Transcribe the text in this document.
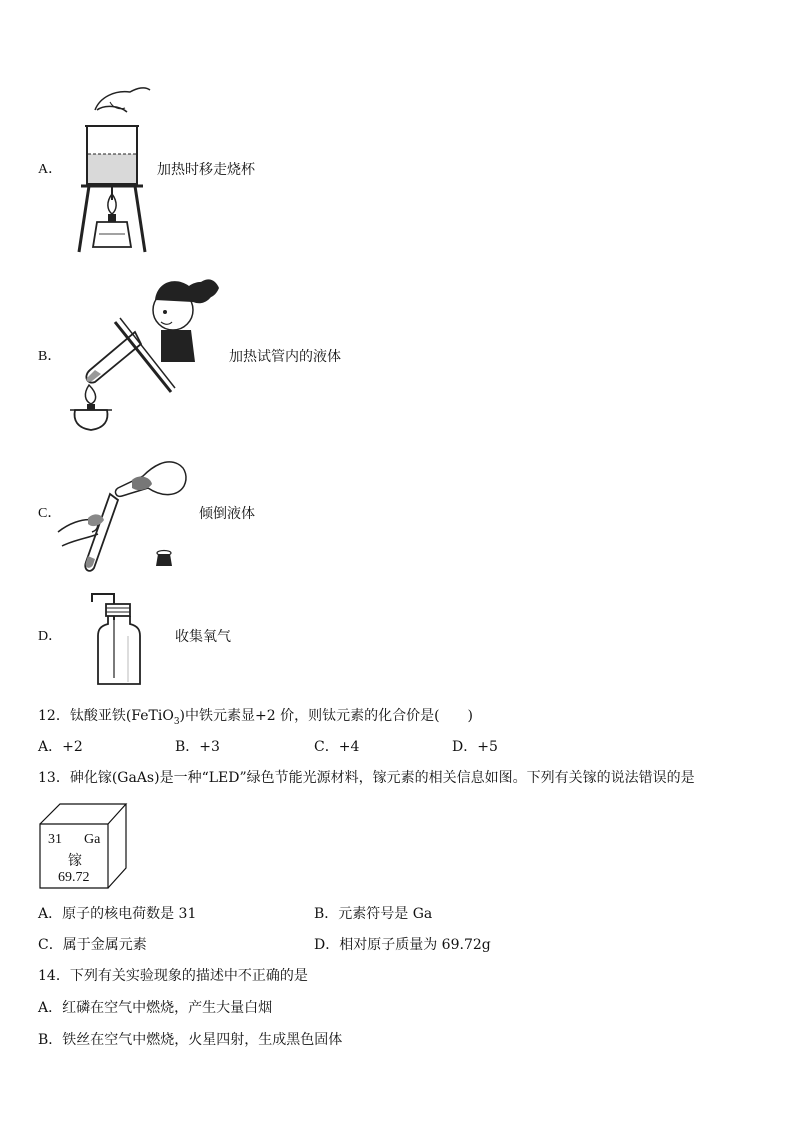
A．	加热时移走烧杯
B．	加热试管内的液体
C．	倾倒液体
D．	收集氧气
12．钛酸亚铁(FeTiO$_3$)中铁元素显+2 价，则钛元素的化合价是(　　)
A．+2	B．+3	C．+4	D．+5
13．砷化镓(GaAs)是一种“LED”绿色节能光源材料，镓元素的相关信息如图。下列有关镓的说法错误的是
31 Ga
镓
69.72
A．原子的核电荷数是 31	B．元素符号是 Ga
C．属于金属元素	D．相对原子质量为 69.72g
14．下列有关实验现象的描述中不正确的是
A．红磷在空气中燃烧，产生大量白烟
B．铁丝在空气中燃烧，火星四射，生成黑色固体
